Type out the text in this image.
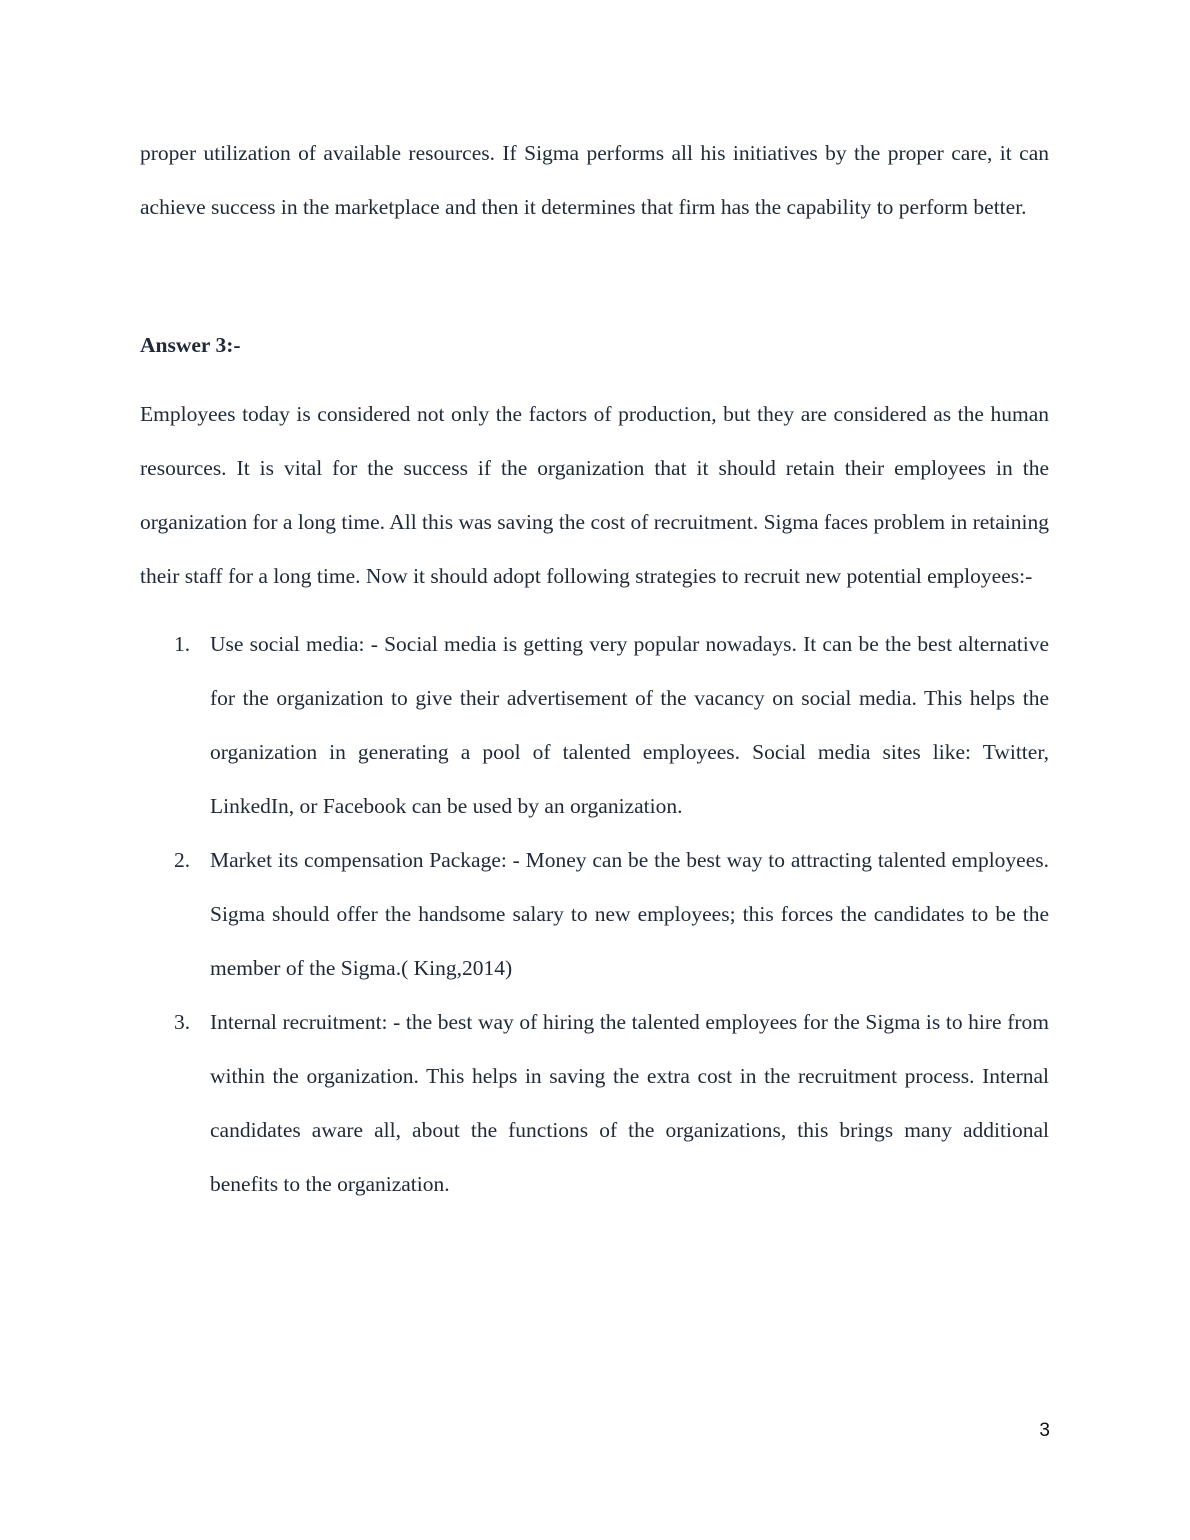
proper utilization of available resources. If Sigma performs all his initiatives by the proper care, it can achieve success in the marketplace and then it determines that firm has the capability to perform better.

Answer 3:-

Employees today is considered not only the factors of production, but they are considered as the human resources. It is vital for the success if the organization that it should retain their employees in the organization for a long time. All this was saving the cost of recruitment. Sigma faces problem in retaining their staff for a long time. Now it should adopt following strategies to recruit new potential employees:-

1. Use social media: - Social media is getting very popular nowadays. It can be the best alternative for the organization to give their advertisement of the vacancy on social media. This helps the organization in generating a pool of talented employees. Social media sites like: Twitter, LinkedIn, or Facebook can be used by an organization.
2. Market its compensation Package: - Money can be the best way to attracting talented employees. Sigma should offer the handsome salary to new employees; this forces the candidates to be the member of the Sigma.( King,2014)
3. Internal recruitment: - the best way of hiring the talented employees for the Sigma is to hire from within the organization. This helps in saving the extra cost in the recruitment process. Internal candidates aware all, about the functions of the organizations, this brings many additional benefits to the organization.
3
